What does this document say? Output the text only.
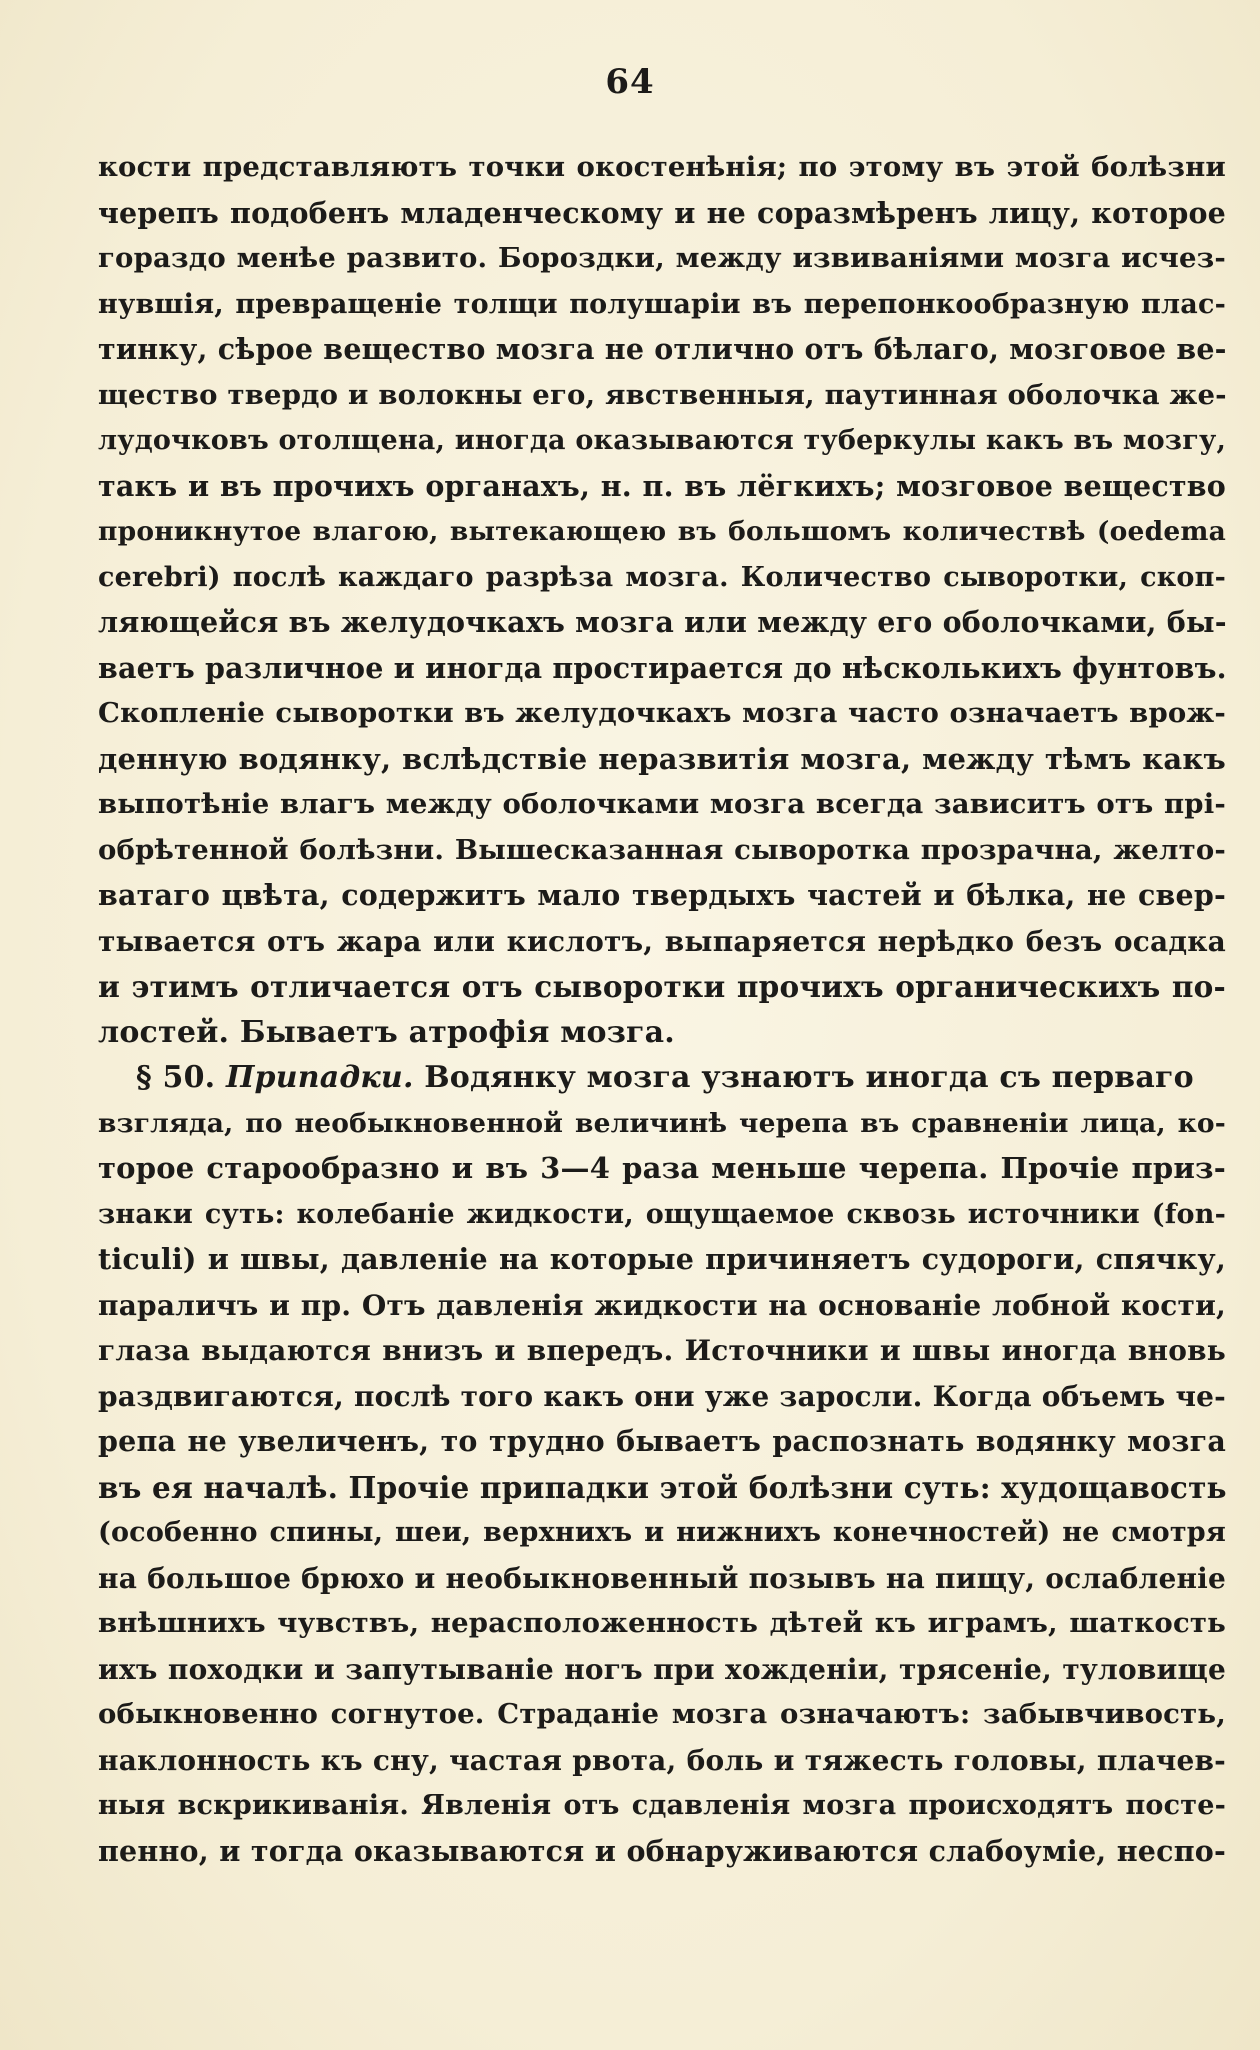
64
кости представляютъ точки окостенѣнія; по этому въ этой болѣзни
черепъ подобенъ младенческому и не соразмѣренъ лицу, которое
гораздо менѣе развито. Бороздки, между извиваніями мозга исчез-
нувшія, превращеніе толщи полушаріи въ перепонкообразную плас-
тинку, сѣрое вещество мозга не отлично отъ бѣлаго, мозговое ве-
щество твердо и волокны его, явственныя, паутинная оболочка же-
лудочковъ отолщена, иногда оказываются туберкулы какъ въ мозгу,
такъ и въ прочихъ органахъ, н. п. въ лёгкихъ; мозговое вещество
проникнутое влагою, вытекающею въ большомъ количествѣ (oedema
cerebri) послѣ каждаго разрѣза мозга. Количество сыворотки, скоп-
ляющейся въ желудочкахъ мозга или между его оболочками, бы-
ваетъ различное и иногда простирается до нѣсколькихъ фунтовъ.
Скопленіе сыворотки въ желудочкахъ мозга часто означаетъ врож-
денную водянку, вслѣдствіе неразвитія мозга, между тѣмъ какъ
выпотѣніе влагъ между оболочками мозга всегда зависитъ отъ прі-
обрѣтенной болѣзни. Вышесказанная сыворотка прозрачна, желто-
ватаго цвѣта, содержитъ мало твердыхъ частей и бѣлка, не свер-
тывается отъ жара или кислотъ, выпаряется нерѣдко безъ осадка
и этимъ отличается отъ сыворотки прочихъ органическихъ по-
лостей. Бываетъ атрофія мозга.
§ 50. Припадки. Водянку мозга узнаютъ иногда съ перваго
взгляда, по необыкновенной величинѣ черепа въ сравненіи лица, ко-
торое старообразно и въ 3—4 раза меньше черепа. Прочіе приз-
знаки суть: колебаніе жидкости, ощущаемое сквозь источники (fon-
ticuli) и швы, давленіе на которые причиняетъ судороги, спячку,
параличъ и пр. Отъ давленія жидкости на основаніе лобной кости,
глаза выдаются внизъ и впередъ. Источники и швы иногда вновь
раздвигаются, послѣ того какъ они уже заросли. Когда объемъ че-
репа не увеличенъ, то трудно бываетъ распознать водянку мозга
въ ея началѣ. Прочіе припадки этой болѣзни суть: худощавость
(особенно спины, шеи, верхнихъ и нижнихъ конечностей) не смотря
на большое брюхо и необыкновенный позывъ на пищу, ослабленіе
внѣшнихъ чувствъ, нерасположенность дѣтей къ играмъ, шаткость
ихъ походки и запутываніе ногъ при хожденіи, трясеніе, туловище
обыкновенно согнутое. Страданіе мозга означаютъ: забывчивость,
наклонность къ сну, частая рвота, боль и тяжесть головы, плачев-
ныя вскрикиванія. Явленія отъ сдавленія мозга происходятъ посте-
пенно, и тогда оказываются и обнаруживаются слабоуміе, неспо-
